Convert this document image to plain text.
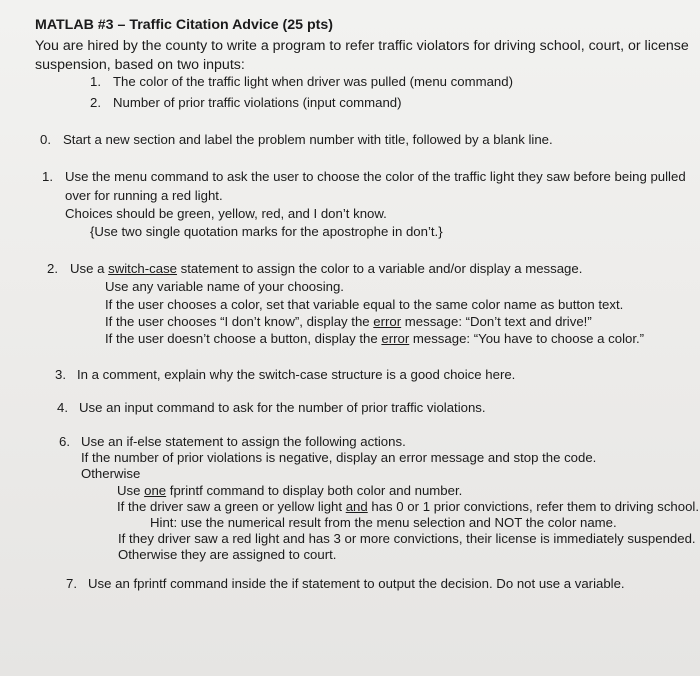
MATLAB #3 – Traffic Citation Advice (25 pts)
You are hired by the county to write a program to refer traffic violators for driving school, court, or license
suspension, based on two inputs:
1. The color of the traffic light when driver was pulled (menu command)
2. Number of prior traffic violations (input command)
0. Start a new section and label the problem number with title, followed by a blank line.
1. Use the menu command to ask the user to choose the color of the traffic light they saw before being pulled
over for running a red light.
Choices should be green, yellow, red, and I don’t know.
{Use two single quotation marks for the apostrophe in don’t.}
2. Use a switch-case statement to assign the color to a variable and/or display a message.
Use any variable name of your choosing.
If the user chooses a color, set that variable equal to the same color name as button text.
If the user chooses “I don’t know”, display the error message: “Don’t text and drive!”
If the user doesn’t choose a button, display the error message: “You have to choose a color.”
3. In a comment, explain why the switch-case structure is a good choice here.
4. Use an input command to ask for the number of prior traffic violations.
6. Use an if-else statement to assign the following actions.
If the number of prior violations is negative, display an error message and stop the code.
Otherwise
Use one fprintf command to display both color and number.
If the driver saw a green or yellow light and has 0 or 1 prior convictions, refer them to driving school.
Hint: use the numerical result from the menu selection and NOT the color name.
If they driver saw a red light and has 3 or more convictions, their license is immediately suspended.
Otherwise they are assigned to court.
7. Use an fprintf command inside the if statement to output the decision. Do not use a variable.
